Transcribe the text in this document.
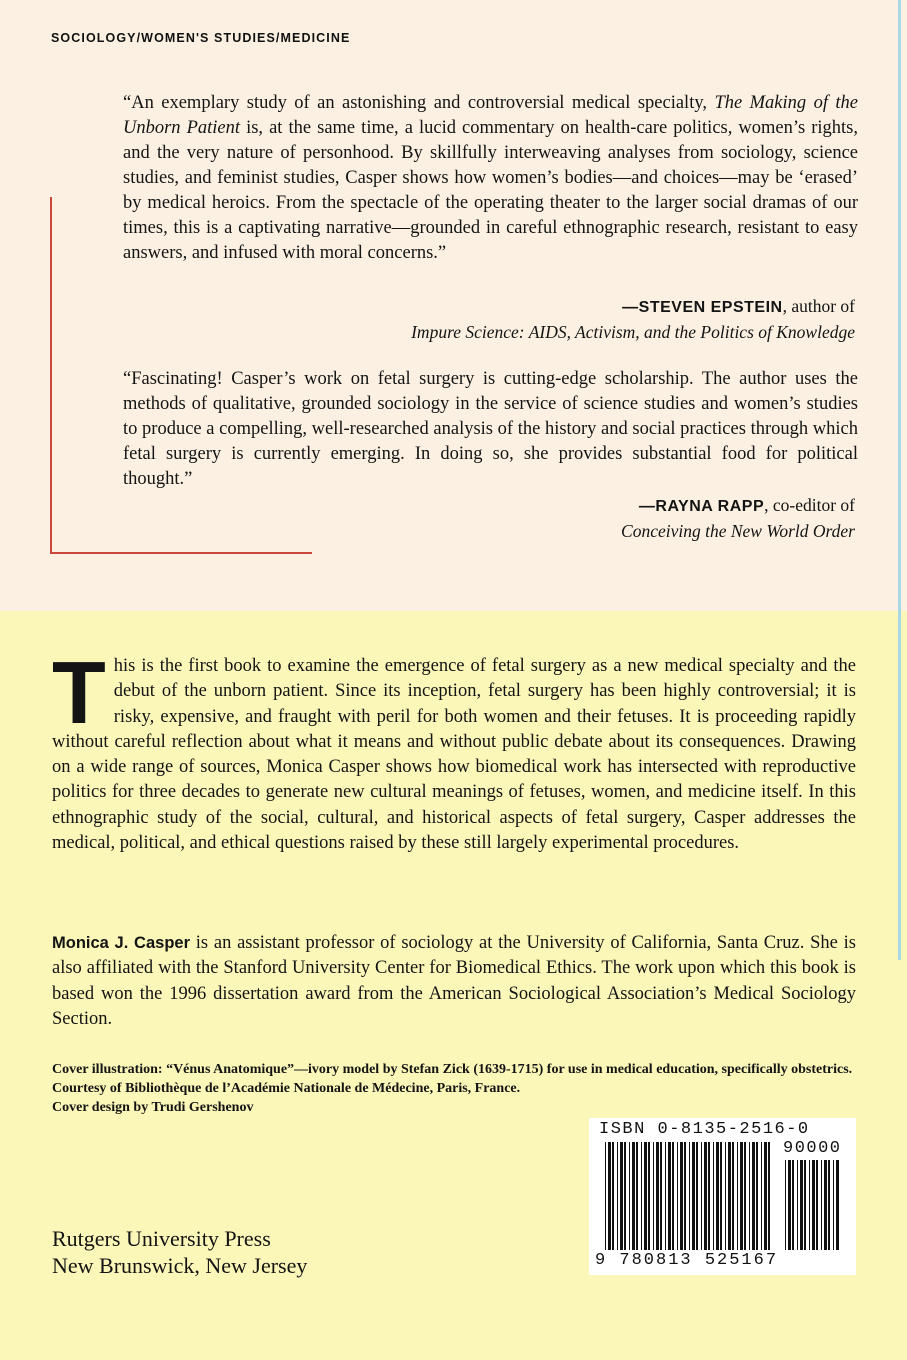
SOCIOLOGY/WOMEN'S STUDIES/MEDICINE

“An exemplary study of an astonishing and controversial medical specialty, The Making of the Unborn Patient is, at the same time, a lucid commentary on health-care politics, women’s rights, and the very nature of personhood. By skillfully interweaving analyses from sociology, science studies, and feminist studies, Casper shows how women’s bodies—and choices—may be ‘erased’ by medical heroics. From the spectacle of the operating theater to the larger social dramas of our times, this is a captivating narrative—grounded in careful ethnographic research, resistant to easy answers, and infused with moral concerns.”

—STEVEN EPSTEIN, author of
Impure Science: AIDS, Activism, and the Politics of Knowledge

“Fascinating! Casper’s work on fetal surgery is cutting-edge scholarship. The author uses the methods of qualitative, grounded sociology in the service of science studies and women’s studies to produce a compelling, well-researched analysis of the history and social practices through which fetal surgery is currently emerging. In doing so, she provides substantial food for political thought.”

—RAYNA RAPP, co-editor of
Conceiving the New World Order

This is the first book to examine the emergence of fetal surgery as a new medical specialty and the debut of the unborn patient. Since its inception, fetal surgery has been highly controversial; it is risky, expensive, and fraught with peril for both women and their fetuses. It is proceeding rapidly without careful reflection about what it means and without public debate about its consequences. Drawing on a wide range of sources, Monica Casper shows how biomedical work has intersected with reproductive politics for three decades to generate new cultural meanings of fetuses, women, and medicine itself. In this ethnographic study of the social, cultural, and historical aspects of fetal surgery, Casper addresses the medical, political, and ethical questions raised by these still largely experimental procedures.

Monica J. Casper is an assistant professor of sociology at the University of California, Santa Cruz. She is also affiliated with the Stanford University Center for Biomedical Ethics. The work upon which this book is based won the 1996 dissertation award from the American Sociological Association’s Medical Sociology Section.

Cover illustration: “Vénus Anatomique”—ivory model by Stefan Zick (1639-1715) for use in medical education, specifically obstetrics. Courtesy of Bibliothèque de l’Académie Nationale de Médecine, Paris, France.
Cover design by Trudi Gershenov
Rutgers University Press
New Brunswick, New Jersey
ISBN 0-8135-2516-0
90000
9 780813 525167
